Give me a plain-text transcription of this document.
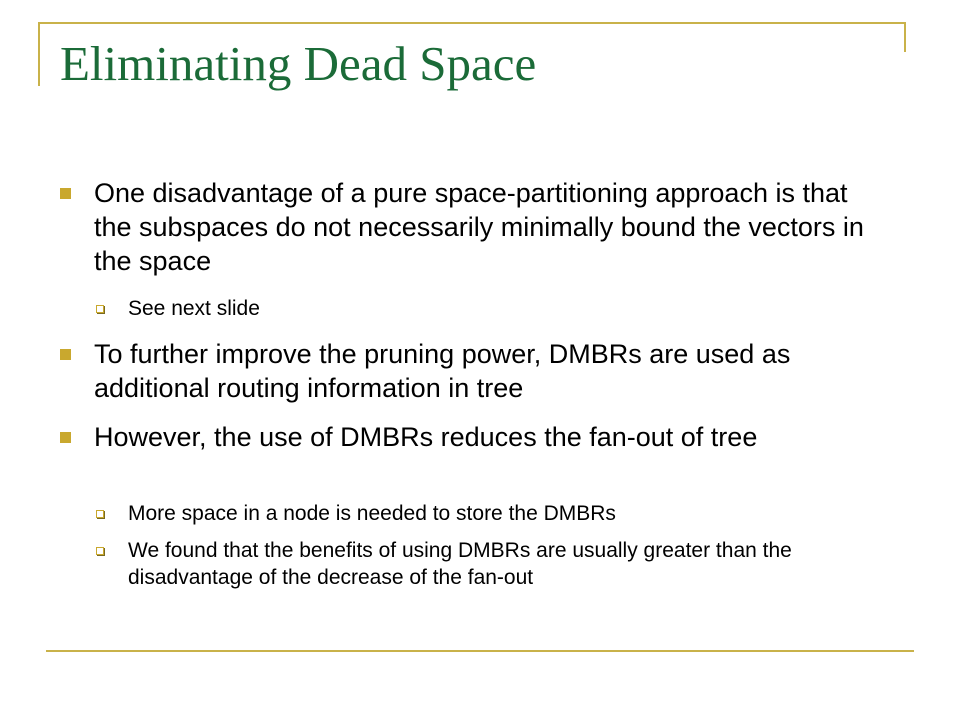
Eliminating Dead Space
One disadvantage of a pure space-partitioning approach is that the subspaces do not necessarily minimally bound the vectors in the space
See next slide
To further improve the pruning power, DMBRs are used as additional routing information in tree
However, the use of DMBRs reduces the fan-out of tree
More space in a node is needed to store the DMBRs
We found that the benefits of using DMBRs are usually greater than the disadvantage of the decrease of the fan-out
